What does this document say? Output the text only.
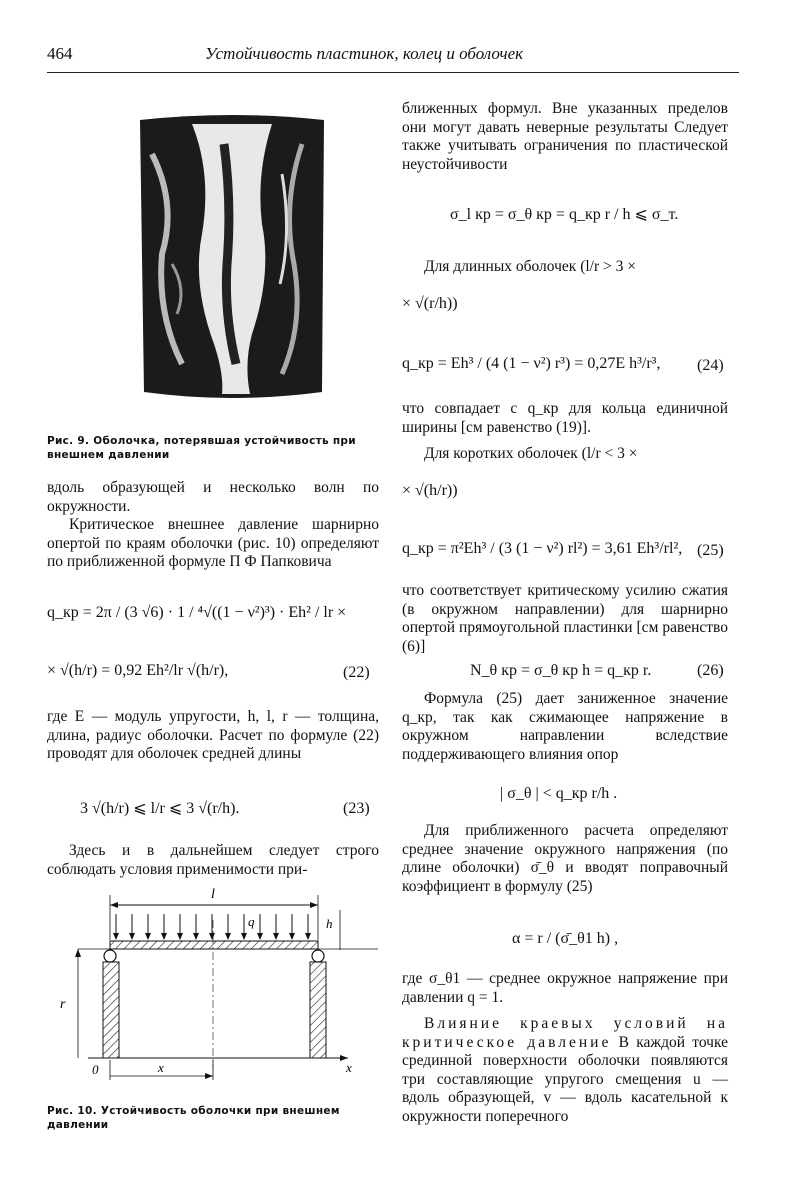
464	Устойчивость пластинок, колец и оболочек
Рис. 9. Оболочка, потерявшая устойчивость при внешнем давлении

вдоль образующей и несколько волн по окружности.

Критическое внешнее давление шарнирно опертой по краям оболочки (рис. 10) определяют по приближенной формуле П Ф Папковича

q_кр = 2π / (3 √6) · 1 / ⁴√((1 − ν²)³) · Eh² / lr ×
× √(h/r) = 0,92 Eh²/lr √(h/r),	(22)

где E — модуль упругости, h, l, r — толщина, длина, радиус оболочки. Расчет по формуле (22) проводят для оболочек средней длины

3 √(h/r) ⩽ l/r ⩽ 3 √(r/h).	(23)

Здесь и в дальнейшем следует строго соблюдать условия применимости при-

l
q	h
r
0	x	x
Рис. 10. Устойчивость оболочки при внешнем давлении

ближенных формул. Вне указанных пределов они могут давать неверные результаты Следует также учитывать ограничения по пластической неустойчивости

σ_l кр = σ_θ кр = q_кр r / h ⩽ σ_т.

Для длинных оболочек (l/r > 3 ×

× √(r/h))

q_кр = Eh³ / (4 (1 − ν²) r³) = 0,27E h³/r³, (24)

что совпадает с q_кр для кольца единичной ширины [см равенство (19)].

Для коротких оболочек (l/r < 3 ×

× √(h/r))

q_кр = π²Eh³ / (3 (1 − ν²) rl²) = 3,61 Eh³/rl², (25)

что соответствует критическому усилию сжатия (в окружном направлении) для шарнирно опертой прямоугольной пластинки [см равенство (6)]

N_θ кр = σ_θ кр h = q_кр r.	(26)

Формула (25) дает заниженное значение q_кр, так как сжимающее напряжение в окружном направлении вследствие поддерживающего влияния опор

| σ_θ | < q_кр r/h .

Для приближенного расчета определяют среднее значение окружного напряжения (по длине оболочки) σ̄_θ и вводят поправочный коэффициент в формулу (25)

α = r / (σ̄_θ1 h) ,

где σ_θ1 — среднее окружное напряжение при давлении q = 1.

Влияние краевых условий на критическое давление В каждой точке срединной поверхности оболочки появляются три составляющие упругого смещения u — вдоль образующей, v — вдоль касательной к окружности поперечного
